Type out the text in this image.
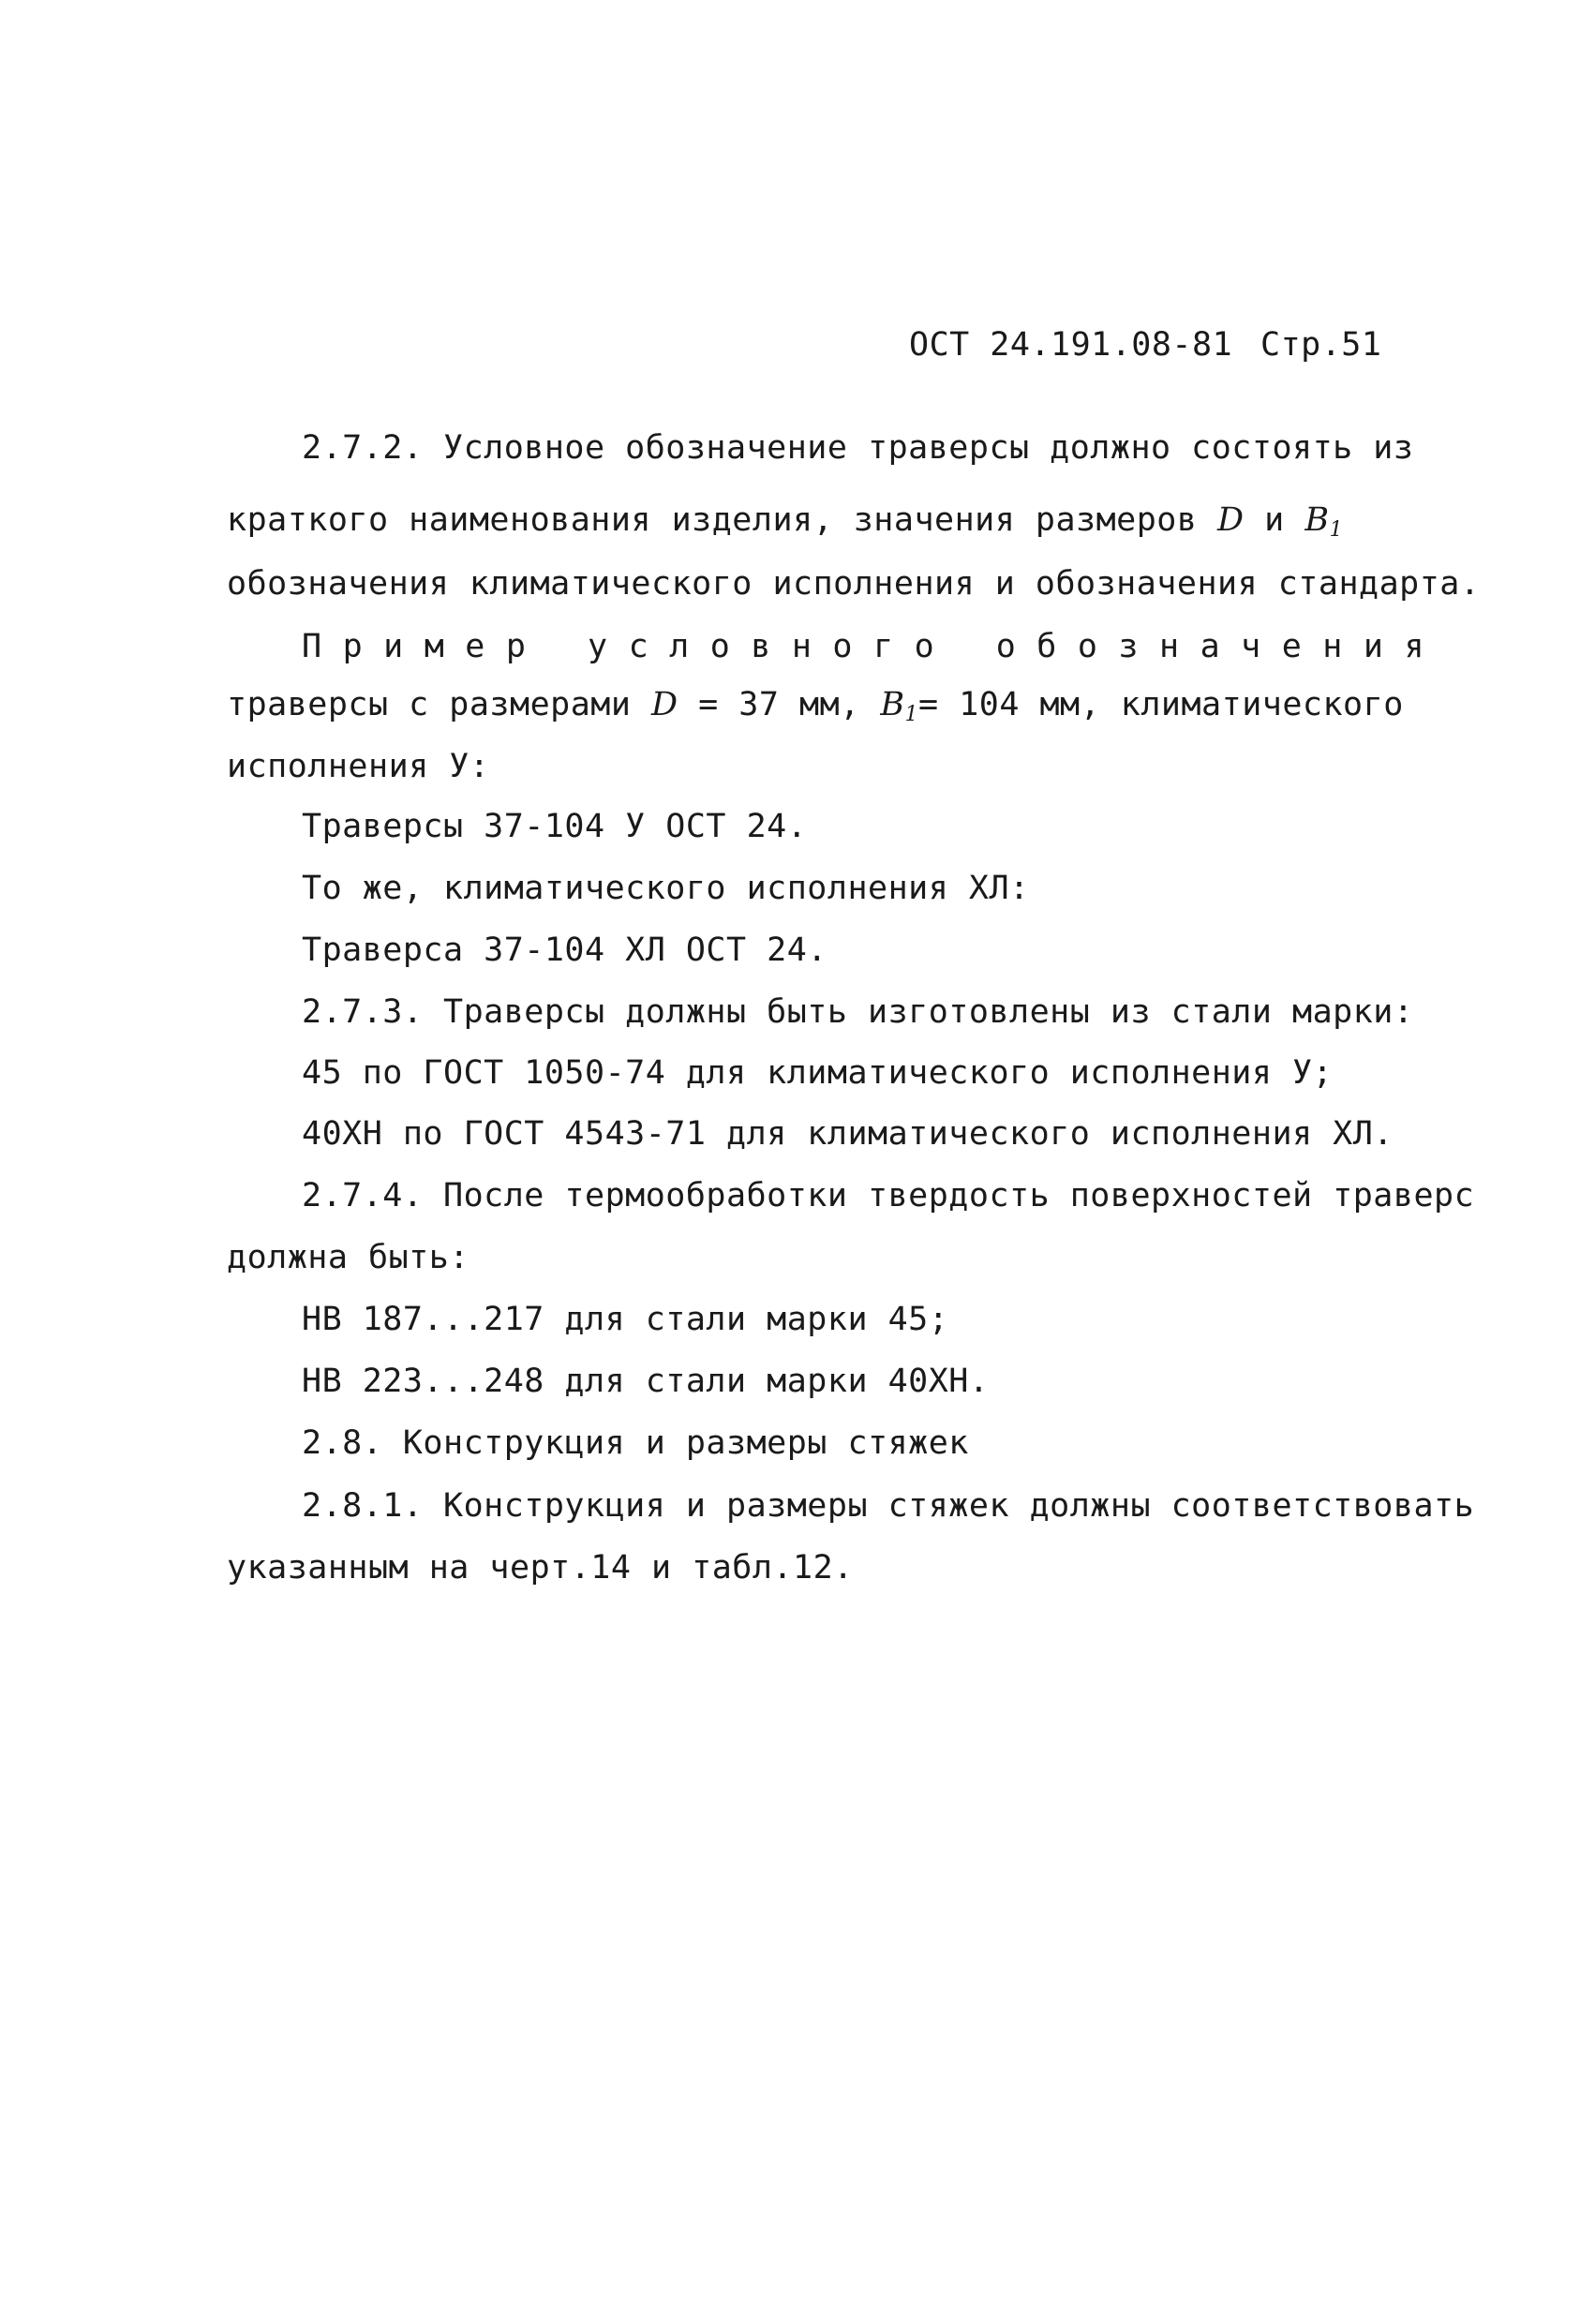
ОСТ 24.191.08-81 Стр.51
2.7.2. Условное обозначение траверсы должно состоять из
краткого наименования изделия, значения размеров D и $B_1$
обозначения климатического исполнения и обозначения стандарта.
Пример условного обозначения
траверсы с размерами D = 37 мм, $B_1= 104$ мм, климатического
исполнения У:
Траверсы 37-104 У ОСТ 24.
То же, климатического исполнения ХЛ:
Траверса 37-104 ХЛ ОСТ 24.
2.7.3. Траверсы должны быть изготовлены из стали марки:
45 по ГОСТ 1050-74 для климатического исполнения У;
40ХН по ГОСТ 4543-71 для климатического исполнения ХЛ.
2.7.4. После термообработки твердость поверхностей траверс
должна быть:
НВ 187...217 для стали марки 45;
НВ 223...248 для стали марки 40ХН.
2.8. Конструкция и размеры стяжек
2.8.1. Конструкция и размеры стяжек должны соответствовать
указанным на черт.14 и табл.12.
